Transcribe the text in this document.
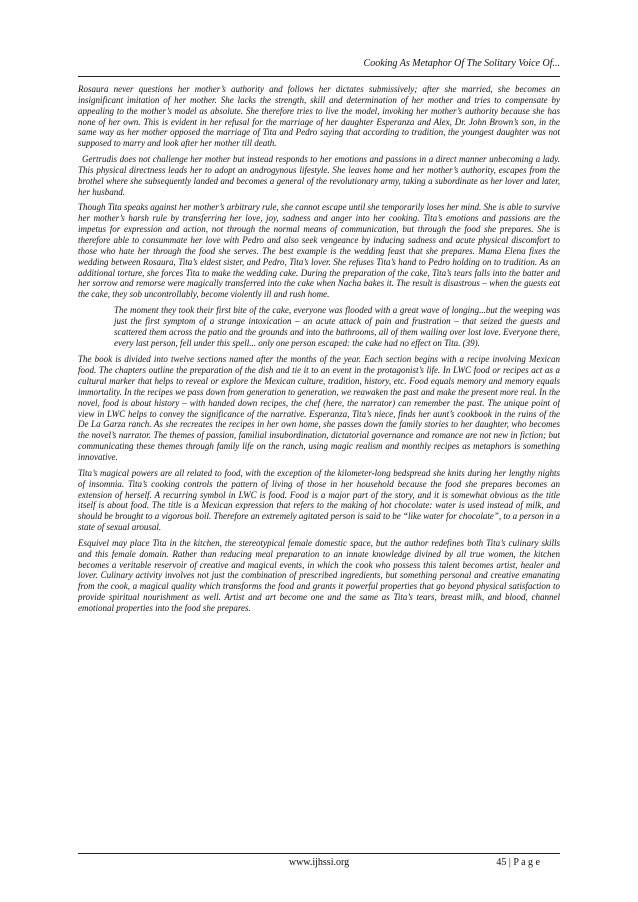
Cooking As Metaphor Of The Solitary Voice Of...

Rosaura never questions her mother’s authority and follows her dictates submissively; after she married, she becomes an insignificant imitation of her mother. She lacks the strength, skill and determination of her mother and tries to compensate by appealing to the mother’s model as absolute. She therefore tries to live the model, invoking her mother’s authority because she has none of her own. This is evident in her refusal for the marriage of her daughter Esperanza and Alex, Dr. John Brown’s son, in the same way as her mother opposed the marriage of Tita and Pedro saying that according to tradition, the youngest daughter was not supposed to marry and look after her mother till death.

Gertrudis does not challenge her mother but instead responds to her emotions and passions in a direct manner unbecoming a lady. This physical directness leads her to adopt an androgynous lifestyle. She leaves home and her mother’s authority, escapes from the brothel where she subsequently landed and becomes a general of the revolutionary army, taking a subordinate as her lover and later, her husband.

Though Tita speaks against her mother’s arbitrary rule, she cannot escape until she temporarily loses her mind. She is able to survive her mother’s harsh rule by transferring her love, joy, sadness and anger into her cooking. Tita’s emotions and passions are the impetus for expression and action, not through the normal means of communication, but through the food she prepares. She is therefore able to consummate her love with Pedro and also seek vengeance by inducing sadness and acute physical discomfort to those who hate her through the food she serves. The best example is the wedding feast that she prepares. Mama Elena fixes the wedding between Rosaura, Tita’s eldest sister, and Pedro, Tita’s lover. She refuses Tita’s hand to Pedro holding on to tradition. As an additional torture, she forces Tita to make the wedding cake. During the preparation of the cake, Tita’s tears falls into the batter and her sorrow and remorse were magically transferred into the cake when Nacha bakes it. The result is disastrous – when the guests eat the cake, they sob uncontrollably, become violently ill and rush home.

The moment they took their first bite of the cake, everyone was flooded with a great wave of longing...but the weeping was just the first symptom of a strange intoxication – an acute attack of pain and frustration – that seized the guests and scattered them across the patio and the grounds and into the bathrooms, all of them wailing over lost love. Everyone there, every last person, fell under this spell... only one person escaped: the cake had no effect on Tita. (39).

The book is divided into twelve sections named after the months of the year. Each section begins with a recipe involving Mexican food. The chapters outline the preparation of the dish and tie it to an event in the protagonist’s life. In LWC food or recipes act as a cultural marker that helps to reveal or explore the Mexican culture, tradition, history, etc. Food equals memory and memory equals immortality. In the recipes we pass down from generation to generation, we reawaken the past and make the present more real. In the novel, food is about history – with handed down recipes, the chef (here, the narrator) can remember the past. The unique point of view in LWC helps to convey the significance of the narrative. Esperanza, Tita’s niece, finds her aunt’s cookbook in the ruins of the De La Garza ranch. As she recreates the recipes in her own home, she passes down the family stories to her daughter, who becomes the novel’s narrator. The themes of passion, familial insubordination, dictatorial governance and romance are not new in fiction; but communicating these themes through family life on the ranch, using magic realism and monthly recipes as metaphors is something innovative.

Tita’s magical powers are all related to food, with the exception of the kilometer-long bedspread she knits during her lengthy nights of insomnia. Tita’s cooking controls the pattern of living of those in her household because the food she prepares becomes an extension of herself. A recurring symbol in LWC is food. Food is a major part of the story, and it is somewhat obvious as the title itself is about food. The title is a Mexican expression that refers to the making of hot chocolate: water is used instead of milk, and should be brought to a vigorous boil. Therefore an extremely agitated person is said to be “like water for chocolate”, to a person in a state of sexual arousal.

Esquivel may place Tita in the kitchen, the stereotypical female domestic space, but the author redefines both Tita’s culinary skills and this female domain. Rather than reducing meal preparation to an innate knowledge divined by all true women, the kitchen becomes a veritable reservoir of creative and magical events, in which the cook who possess this talent becomes artist, healer and lover. Culinary activity involves not just the combination of prescribed ingredients, but something personal and creative emanating from the cook, a magical quality which transforms the food and grants it powerful properties that go beyond physical satisfaction to provide spiritual nourishment as well. Artist and art become one and the same as Tita’s tears, breast milk, and blood, channel emotional properties into the food she prepares.

www.ijhssi.org	45 | P a g e
